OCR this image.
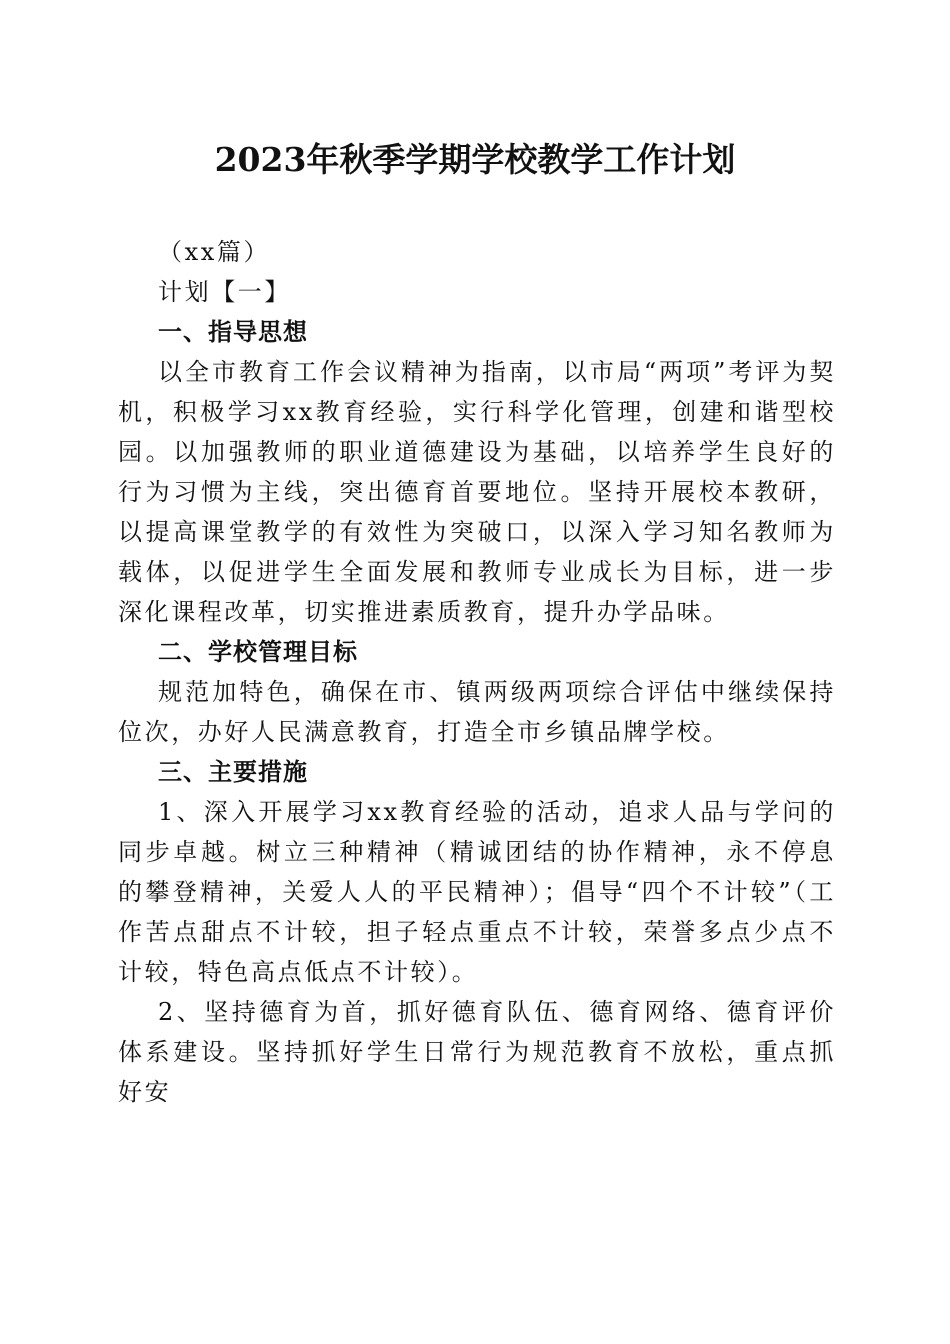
2023年秋季学期学校教学工作计划

（xx篇）

计划【一】

一、指导思想

以全市教育工作会议精神为指南，以市局“两项”考评为契机，积极学习xx教育经验，实行科学化管理，创建和谐型校园。以加强教师的职业道德建设为基础，以培养学生良好的行为习惯为主线，突出德育首要地位。坚持开展校本教研，以提高课堂教学的有效性为突破口，以深入学习知名教师为载体，以促进学生全面发展和教师专业成长为目标，进一步深化课程改革，切实推进素质教育，提升办学品味。

二、学校管理目标

规范加特色，确保在市、镇两级两项综合评估中继续保持位次，办好人民满意教育，打造全市乡镇品牌学校。

三、主要措施

1、深入开展学习xx教育经验的活动，追求人品与学问的同步卓越。树立三种精神（精诚团结的协作精神，永不停息的攀登精神，关爱人人的平民精神）；倡导“四个不计较”（工作苦点甜点不计较，担子轻点重点不计较，荣誉多点少点不计较，特色高点低点不计较）。

2、坚持德育为首，抓好德育队伍、德育网络、德育评价体系建设。坚持抓好学生日常行为规范教育不放松，重点抓好安
